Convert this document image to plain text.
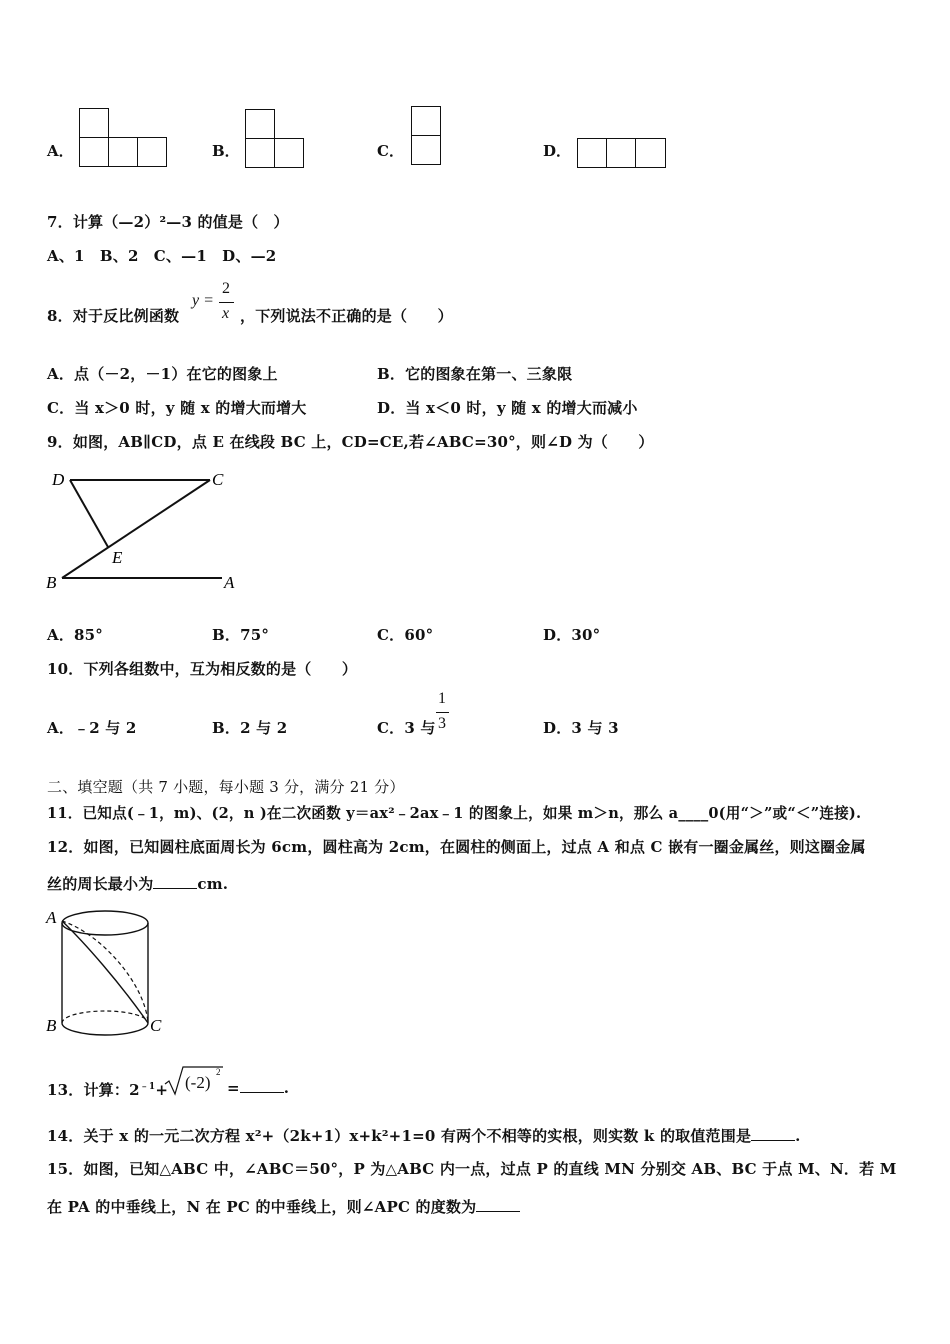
A．	B．	C．	D．
7．计算（—2）²—3 的值是（　）
A、1　B、2　C、—1　D、—2
8．对于反比例函数
y =
2
x ，下列说法不正确的是（　　）
A．点（－2，－1）在它的图象上	B．它的图象在第一、三象限
C．当 x＞0 时，y 随 x 的增大而增大	D．当 x＜0 时，y 随 x 的增大而减小
9．如图，AB∥CD，点 E 在线段 BC 上，CD=CE,若∠ABC=30°，则∠D 为（　　）
D	C
E
B	A
A．85°	B．75°	C．60°	D．30°
10．下列各组数中，互为相反数的是（　　）
A．﹣2 与 2	B．2 与 2	C．3 与
1
3	D．3 与 3
二、填空题（共 7 小题，每小题 3 分，满分 21 分）
11．已知点(﹣1，m)、(2，n )在二次函数 y＝ax²﹣2ax﹣1 的图象上，如果 m＞n，那么 a____0(用“＞”或“＜”连接).
12．如图，已知圆柱底面周长为 6cm，圆柱高为 2cm，在圆柱的侧面上，过点 A 和点 C 嵌有一圈金属丝，则这圈金属
丝的周长最小为	cm.
A
B	C
13．计算：$2^{﹣1}+ (-2)$
2
=	.
14．关于 x 的一元二次方程 x²+（2k+1）x+k²+1=0 有两个不相等的实根，则实数 k 的取值范围是	.
15．如图，已知△ABC 中，∠ABC＝50°，P 为△ABC 内一点，过点 P 的直线 MN 分别交 AB、BC 于点 M、N．若 M
在 PA 的中垂线上，N 在 PC 的中垂线上，则∠APC 的度数为
